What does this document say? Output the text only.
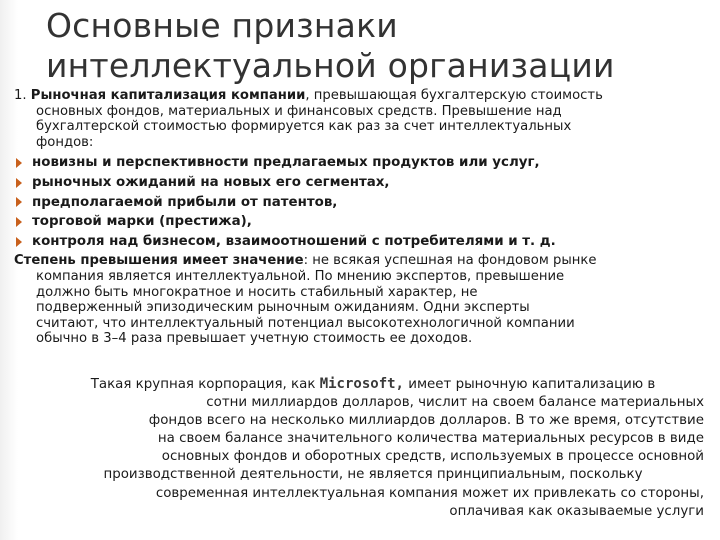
Основные признаки
интеллектуальной организации

1. Рыночная капитализация компании, превышающая бухгалтерскую стоимость
основных фондов, материальных и финансовых средств. Превышение над
бухгалтерской стоимостью формируется как раз за счет интеллектуальных
фондов:

новизны и перспективности предлагаемых продуктов или услуг,
рыночных ожиданий на новых его сегментах,
предполагаемой прибыли от патентов,
торговой марки (престижа),
контроля над бизнесом, взаимоотношений с потребителями и т. д.

Степень превышения имеет значение: не всякая успешная на фондовом рынке
компания является интеллектуальной. По мнению экспертов, превышение
должно быть многократное и носить стабильный характер, не
подверженный эпизодическим рыночным ожиданиям. Одни эксперты
считают, что интеллектуальный потенциал высокотехнологичной компании
обычно в 3–4 раза превышает учетную стоимость ее доходов.

Такая крупная корпорация, как Microsoft, имеет рыночную капитализацию в
сотни миллиардов долларов, числит на своем балансе материальных
фондов всего на несколько миллиардов долларов. В то же время, отсутствие
на своем балансе значительного количества материальных ресурсов в виде
основных фондов и оборотных средств, используемых в процессе основной
производственной деятельности, не является принципиальным, поскольку
современная интеллектуальная компания может их привлекать со стороны,
оплачивая как оказываемые услуги
